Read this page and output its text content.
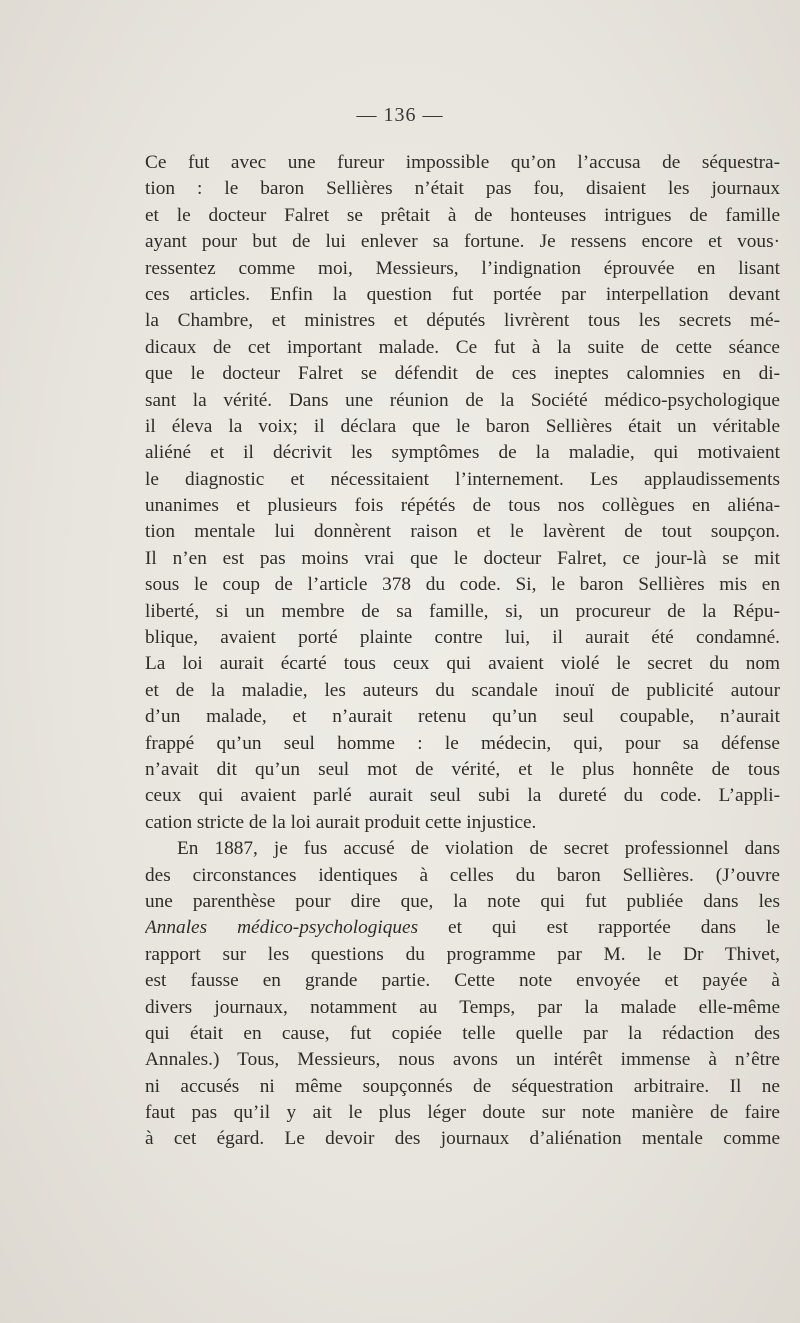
— 136 —
Ce fut avec une fureur impossible qu’on l’accusa de séquestra-
tion : le baron Sellières n’était pas fou, disaient les journaux
et le docteur Falret se prêtait à de honteuses intrigues de famille
ayant pour but de lui enlever sa fortune. Je ressens encore et vous·
ressentez comme moi, Messieurs, l’indignation éprouvée en lisant
ces articles. Enfin la question fut portée par interpellation devant
la Chambre, et ministres et députés livrèrent tous les secrets mé-
dicaux de cet important malade. Ce fut à la suite de cette séance
que le docteur Falret se défendit de ces ineptes calomnies en di-
sant la vérité. Dans une réunion de la Société médico-psychologique
il éleva la voix; il déclara que le baron Sellières était un véritable
aliéné et il décrivit les symptômes de la maladie, qui motivaient
le diagnostic et nécessitaient l’internement. Les applaudissements
unanimes et plusieurs fois répétés de tous nos collègues en aliéna-
tion mentale lui donnèrent raison et le lavèrent de tout soupçon.
Il n’en est pas moins vrai que le docteur Falret, ce jour-là se mit
sous le coup de l’article 378 du code. Si, le baron Sellières mis en
liberté, si un membre de sa famille, si, un procureur de la Répu-
blique, avaient porté plainte contre lui, il aurait été condamné.
La loi aurait écarté tous ceux qui avaient violé le secret du nom
et de la maladie, les auteurs du scandale inouï de publicité autour
d’un malade, et n’aurait retenu qu’un seul coupable, n’aurait
frappé qu’un seul homme : le médecin, qui, pour sa défense
n’avait dit qu’un seul mot de vérité, et le plus honnête de tous
ceux qui avaient parlé aurait seul subi la dureté du code. L’appli-
cation stricte de la loi aurait produit cette injustice.
En 1887, je fus accusé de violation de secret professionnel dans
des circonstances identiques à celles du baron Sellières. (J’ouvre
une parenthèse pour dire que, la note qui fut publiée dans les
Annales médico-psychologiques et qui est rapportée dans le
rapport sur les questions du programme par M. le Dr Thivet,
est fausse en grande partie. Cette note envoyée et payée à
divers journaux, notamment au Temps, par la malade elle-même
qui était en cause, fut copiée telle quelle par la rédaction des
Annales.) Tous, Messieurs, nous avons un intérêt immense à n’être
ni accusés ni même soupçonnés de séquestration arbitraire. Il ne
faut pas qu’il y ait le plus léger doute sur note manière de faire
à cet égard. Le devoir des journaux d’aliénation mentale comme
